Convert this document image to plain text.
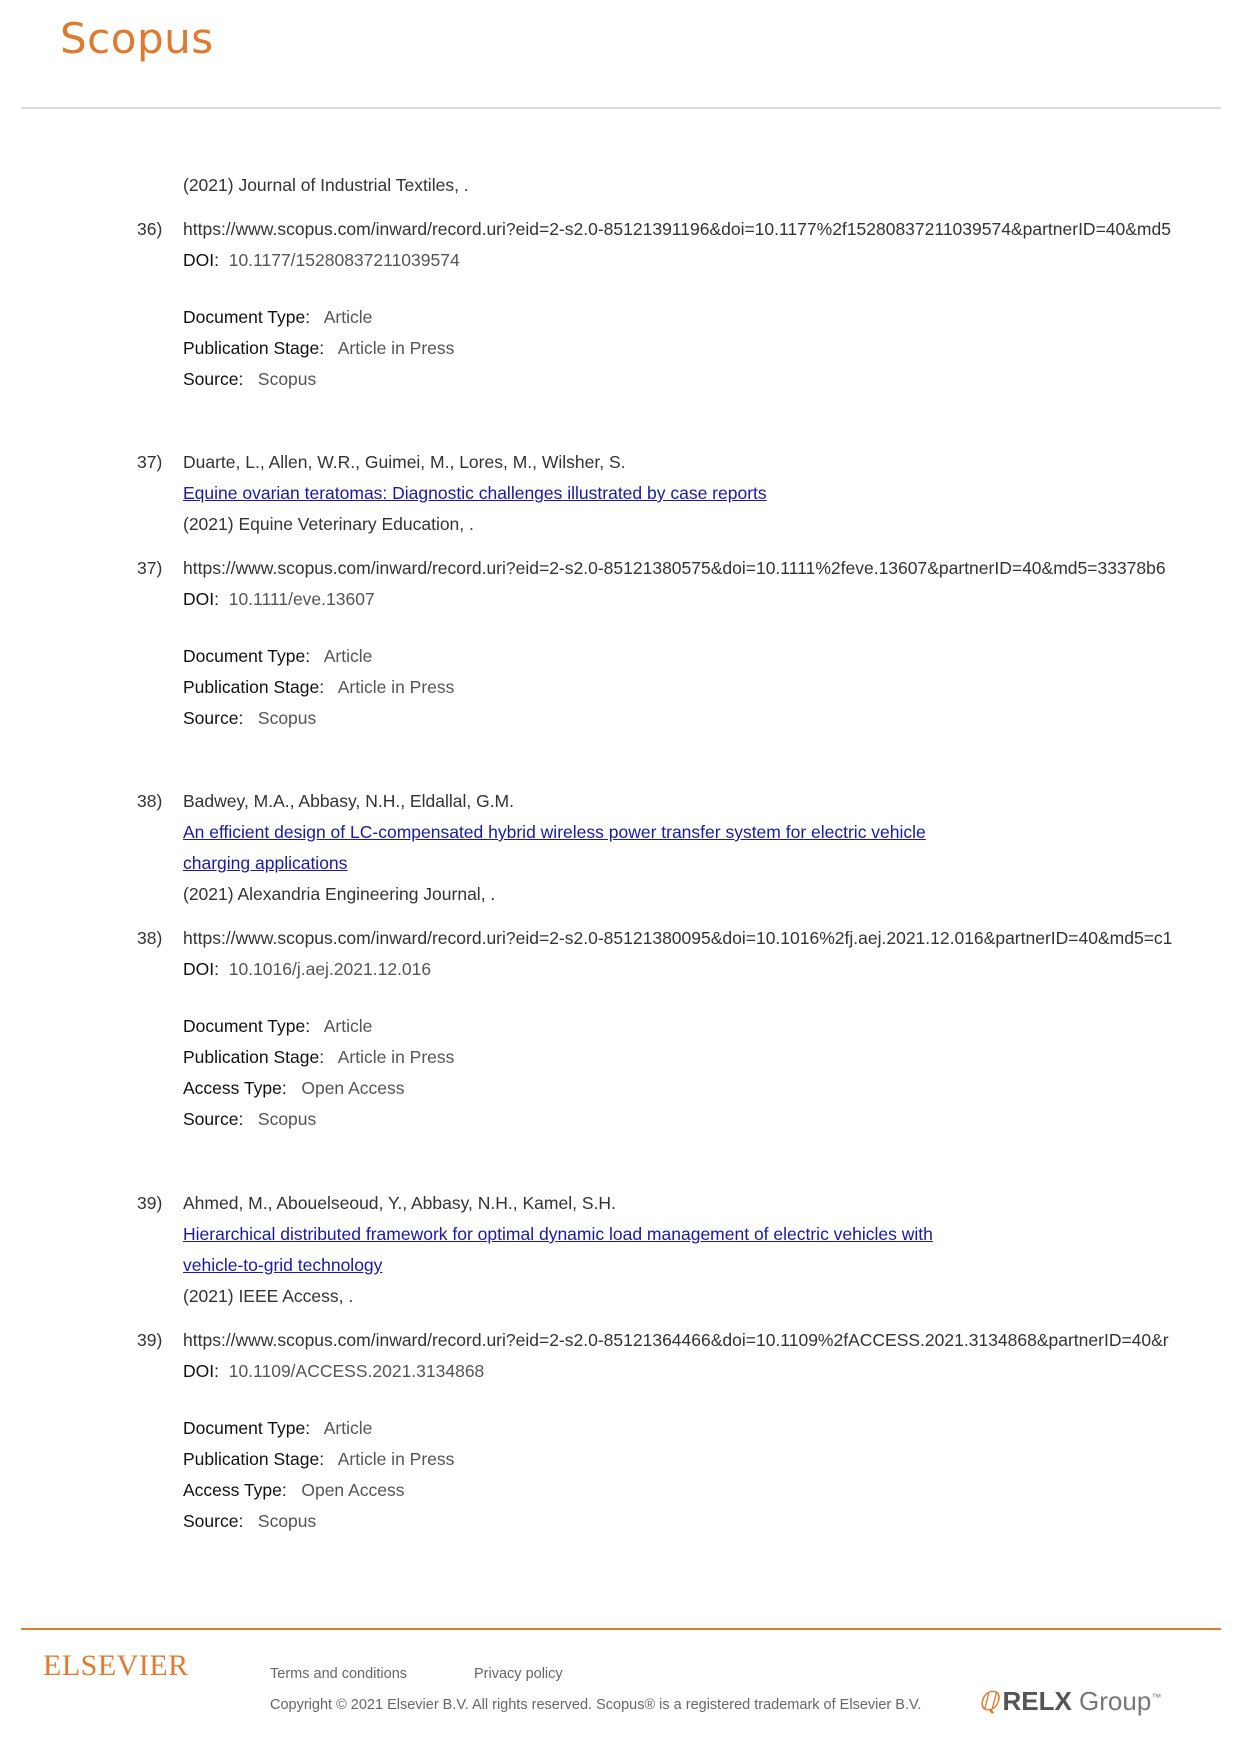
Scopus
(2021) Journal of Industrial Textiles, .
36) https://www.scopus.com/inward/record.uri?eid=2-s2.0-85121391196&doi=10.1177%2f15280837211039574&partnerID=40&md5
DOI: 10.1177/15280837211039574
Document Type: Article
Publication Stage: Article in Press
Source: Scopus
37) Duarte, L., Allen, W.R., Guimei, M., Lores, M., Wilsher, S.
Equine ovarian teratomas: Diagnostic challenges illustrated by case reports
(2021) Equine Veterinary Education, .
37) https://www.scopus.com/inward/record.uri?eid=2-s2.0-85121380575&doi=10.1111%2feve.13607&partnerID=40&md5=33378b6
DOI: 10.1111/eve.13607
Document Type: Article
Publication Stage: Article in Press
Source: Scopus
38) Badwey, M.A., Abbasy, N.H., Eldallal, G.M.
An efficient design of LC-compensated hybrid wireless power transfer system for electric vehicle
charging applications
(2021) Alexandria Engineering Journal, .
38) https://www.scopus.com/inward/record.uri?eid=2-s2.0-85121380095&doi=10.1016%2fj.aej.2021.12.016&partnerID=40&md5=c1
DOI: 10.1016/j.aej.2021.12.016
Document Type: Article
Publication Stage: Article in Press
Access Type: Open Access
Source: Scopus
39) Ahmed, M., Abouelseoud, Y., Abbasy, N.H., Kamel, S.H.
Hierarchical distributed framework for optimal dynamic load management of electric vehicles with
vehicle-to-grid technology
(2021) IEEE Access, .
39) https://www.scopus.com/inward/record.uri?eid=2-s2.0-85121364466&doi=10.1109%2fACCESS.2021.3134868&partnerID=40&r
DOI: 10.1109/ACCESS.2021.3134868
Document Type: Article
Publication Stage: Article in Press
Access Type: Open Access
Source: Scopus
ELSEVIER	Terms and conditions	Privacy policy
Copyright © 2021 Elsevier B.V. All rights reserved. Scopus® is a registered trademark of Elsevier B.V. ℚ RELX Group™
